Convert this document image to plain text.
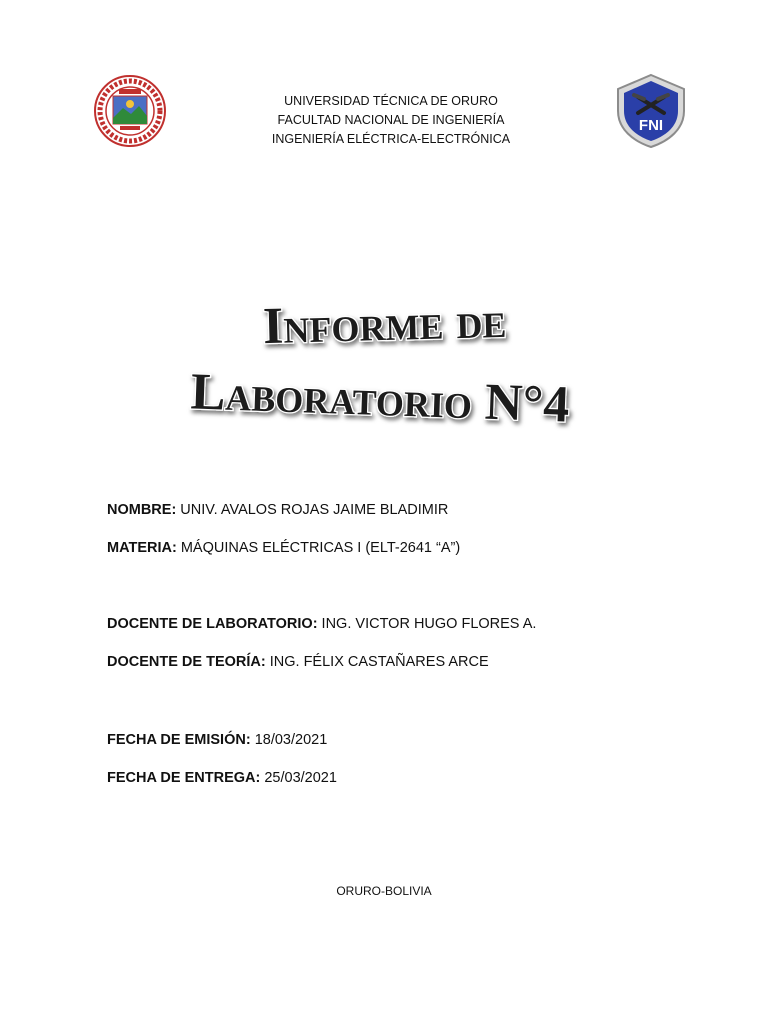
FNI
UNIVERSIDAD TÉCNICA DE ORURO
FACULTAD NACIONAL DE INGENIERÍA
INGENIERÍA ELÉCTRICA-ELECTRÓNICA
Informe de
Laboratorio N°4
NOMBRE: UNIV. AVALOS ROJAS JAIME BLADIMIR
MATERIA: MÁQUINAS ELÉCTRICAS I (ELT-2641 “A”)
DOCENTE DE LABORATORIO: ING. VICTOR HUGO FLORES A.
DOCENTE DE TEORÍA: ING. FÉLIX CASTAÑARES ARCE
FECHA DE EMISIÓN: 18/03/2021
FECHA DE ENTREGA: 25/03/2021
ORURO-BOLIVIA
